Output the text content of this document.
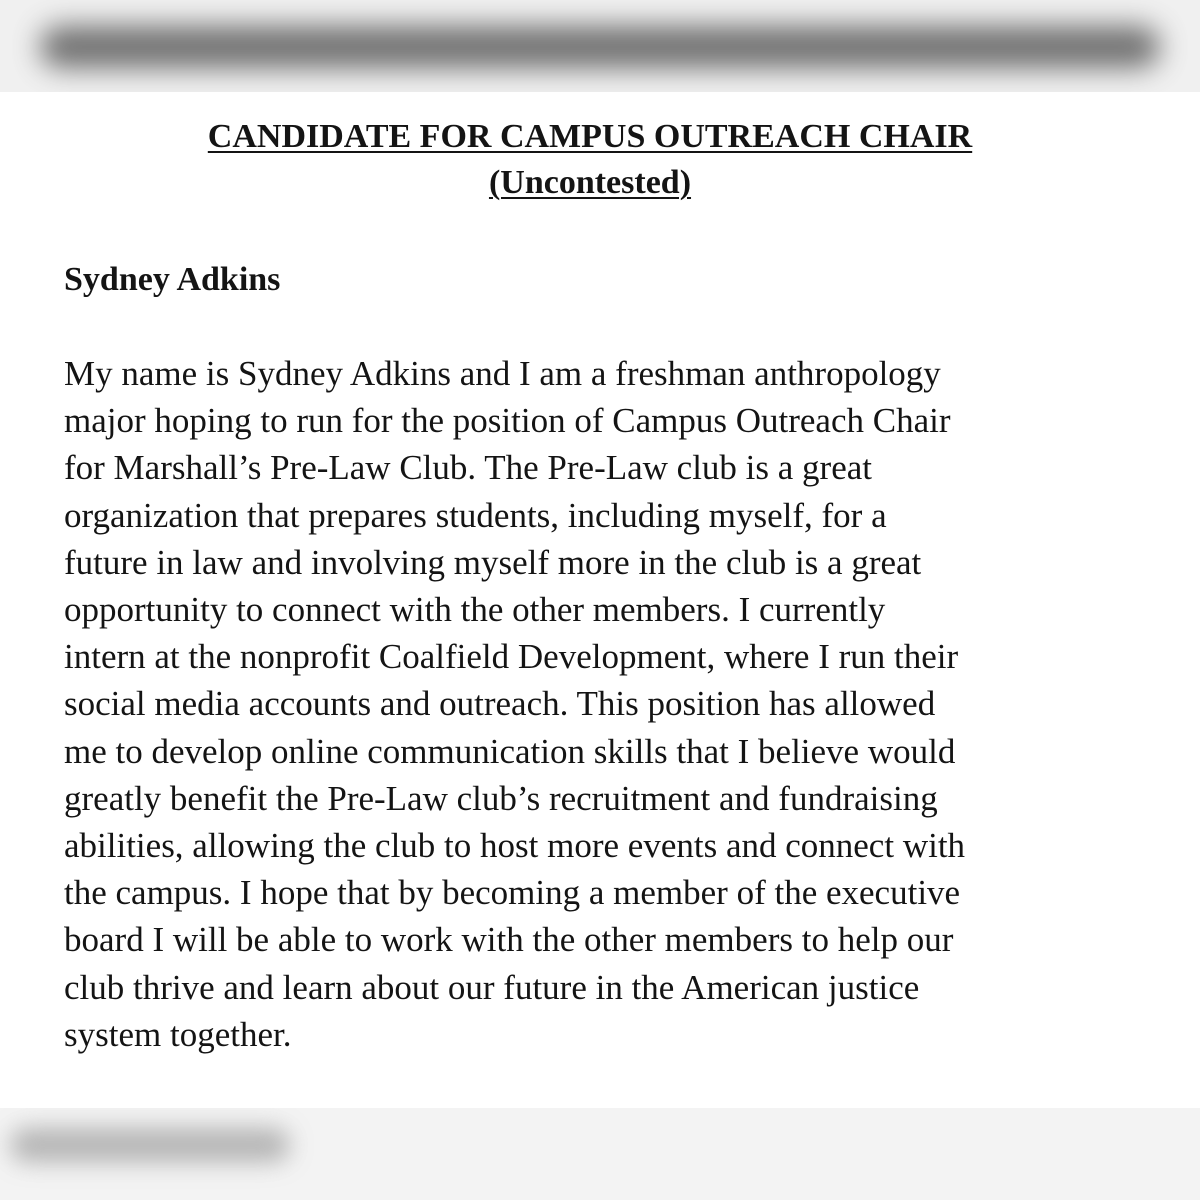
CANDIDATE FOR CAMPUS OUTREACH CHAIR
(Uncontested)
Sydney Adkins
My name is Sydney Adkins and I am a freshman anthropology
major hoping to run for the position of Campus Outreach Chair
for Marshall’s Pre-Law Club. The Pre-Law club is a great
organization that prepares students, including myself, for a
future in law and involving myself more in the club is a great
opportunity to connect with the other members. I currently
intern at the nonprofit Coalfield Development, where I run their
social media accounts and outreach. This position has allowed
me to develop online communication skills that I believe would
greatly benefit the Pre-Law club’s recruitment and fundraising
abilities, allowing the club to host more events and connect with
the campus. I hope that by becoming a member of the executive
board I will be able to work with the other members to help our
club thrive and learn about our future in the American justice
system together.
